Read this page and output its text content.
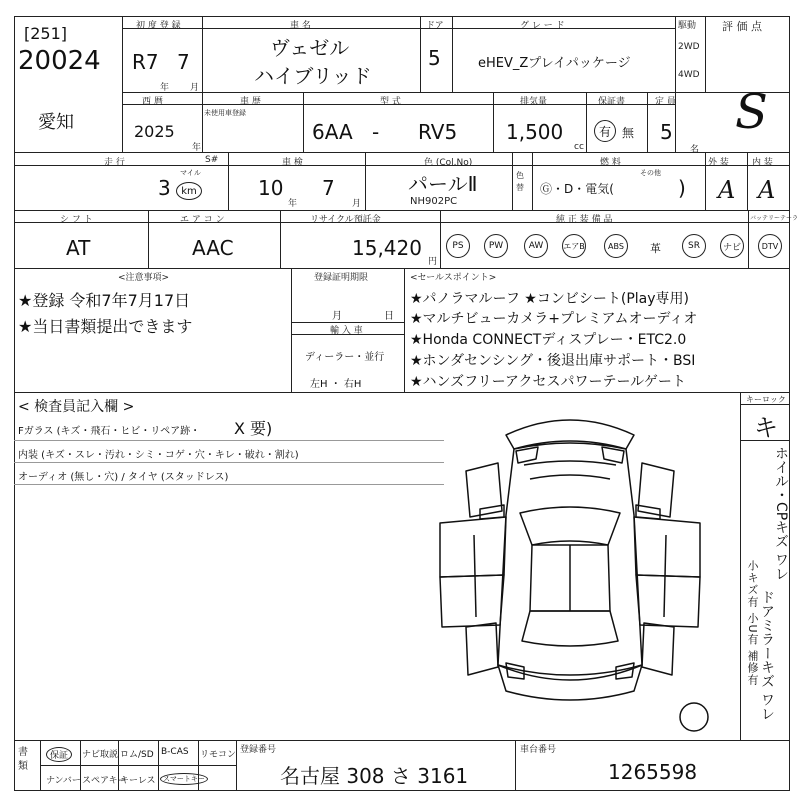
[251]
20024
初 度 登 録
R7 7
年 月
車 名
ヴェゼル
ハイブリッド
ドア
5
グ レ ー ド
eHEV_Zプレイパッケージ
駆動
2WD
4WD
評 価 点
S
愛知
西 暦
2025
年
車 歴
未使用車登録
型 式
6AA - RV5
排気量
1,500
cc
保証書
有 無
定 員
5
名
走 行	S#
3
マイル
km
車 検
10
年
7
月
色 (Col.No)
パールⅡ
NH902PC
色替
燃 料
Ⓖ・D・電気(
その他
)
外 装
A
内 装
A
シ フ ト
AT
エ ア コ ン
AAC
リサイクル預託金
15,420
円
純 正 装 備 品	バッテリーテーラ
PS	PW	AW	エアB	ABS	革	SR	ナビ	DTV
<注意事項>
★登録 令和7年7月17日
★当日書類提出できます
登録証明期限
月	日
輸 入 車
ディーラー・並行
左H ・ 右H
<セールスポイント>
★パノラマルーフ ★コンビシート(Play専用)
★マルチビューカメラ+プレミアムオーディオ
★Honda CONNECTディスプレー・ETC2.0
★ホンダセンシング・後退出庫サポート・BSI
★ハンズフリーアクセスパワーテールゲート
< 検査員記入欄 >
Fガラス (キズ・飛石・ヒビ・リペア跡・ X 要)
内装 (キズ・スレ・汚れ・シミ・コゲ・穴・キレ・破れ・割れ)
オーディオ (無し・穴) / タイヤ (スタッドレス)
キーロック
キ
ホイル・CPキズ ワレ
ドアミラーキズ ワレ
小キズ有 小U有 補修有
書類
保証	ナビ取説 ロム/SD B-CAS リモコン
ナンバー スペアキー
キーレス	スマートキー
登録番号
名古屋 308 さ 3161
車台番号
1265598
